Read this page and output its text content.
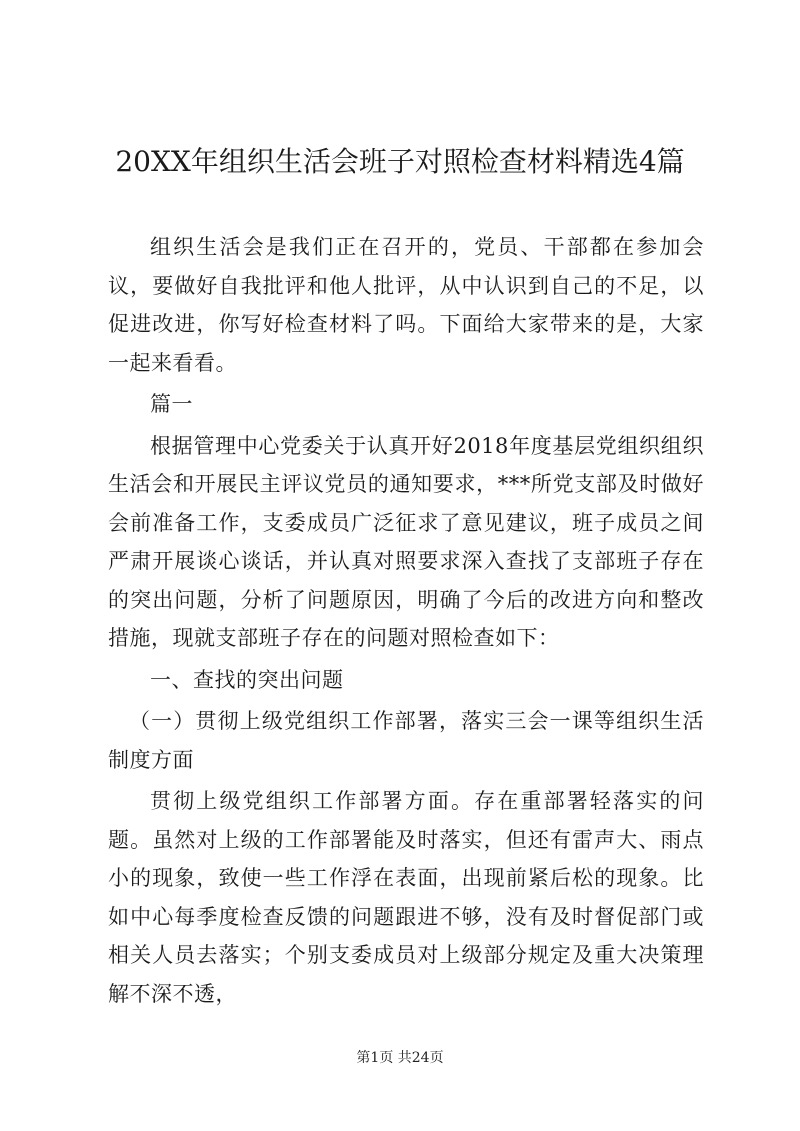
20XX年组织生活会班子对照检查材料精选4篇

组织生活会是我们正在召开的，党员、干部都在参加会议，要做好自我批评和他人批评，从中认识到自己的不足，以促进改进，你写好检查材料了吗。下面给大家带来的是，大家一起来看看。

篇一

根据管理中心党委关于认真开好2018年度基层党组织组织生活会和开展民主评议党员的通知要求，***所党支部及时做好会前准备工作，支委成员广泛征求了意见建议，班子成员之间严肃开展谈心谈话，并认真对照要求深入查找了支部班子存在的突出问题，分析了问题原因，明确了今后的改进方向和整改措施，现就支部班子存在的问题对照检查如下：

一、查找的突出问题

（一）贯彻上级党组织工作部署，落实三会一课等组织生活制度方面

贯彻上级党组织工作部署方面。存在重部署轻落实的问题。虽然对上级的工作部署能及时落实，但还有雷声大、雨点小的现象，致使一些工作浮在表面，出现前紧后松的现象。比如中心每季度检查反馈的问题跟进不够，没有及时督促部门或相关人员去落实；个别支委成员对上级部分规定及重大决策理解不深不透，

第1页 共24页
